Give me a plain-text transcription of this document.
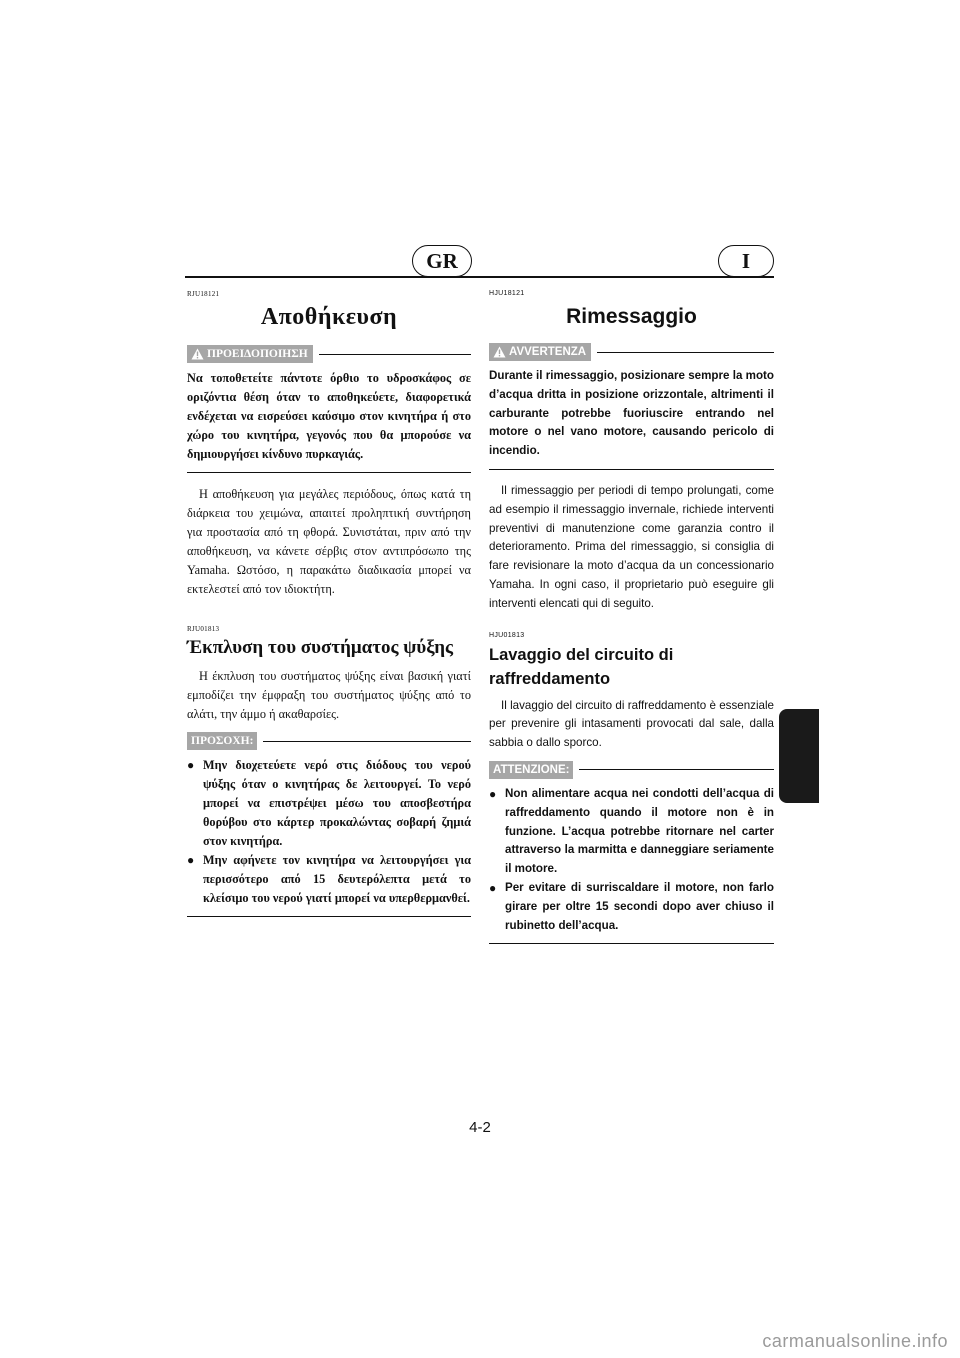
GR	I
RJU18121
Αποθήκευση
ΠΡΟΕΙΔΟΠΟΙΗΣΗ

Να τοποθετείτε πάντοτε όρθιο το υδροσκάφος σε οριζόντια θέση όταν το αποθηκεύετε, διαφορετικά ενδέχεται να εισρεύσει καύσιμο στον κινητήρα ή στο χώρο του κινητήρα, γεγονός που θα μπορούσε να δημιουργήσει κίνδυνο πυρκαγιάς.

Η αποθήκευση για μεγάλες περιόδους, όπως κατά τη διάρκεια του χειμώνα, απαιτεί προληπτική συντήρηση για προστασία από τη φθορά. Συνιστάται, πριν από την αποθήκευση, να κάνετε σέρβις στον αντιπρόσωπο της Yamaha. Ωστόσο, η παρακάτω διαδικασία μπορεί να εκτελεστεί από τον ιδιοκτήτη.

RJU01813
Έκπλυση του συστήματος ψύξης

Η έκπλυση του συστήματος ψύξης είναι βασική γιατί εμποδίζει την έμφραξη του συστήματος ψύξης από το αλάτι, την άμμο ή ακαθαρσίες.

ΠΡΟΣΟΧΗ:
● Μην διοχετεύετε νερό στις διόδους του νερού ψύξης όταν ο κινητήρας δε λειτουργεί. Το νερό μπορεί να επιστρέψει μέσω του αποσβεστήρα θορύβου στο κάρτερ προκαλώντας σοβαρή ζημιά στον κινητήρα.
● Μην αφήνετε τον κινητήρα να λειτουργήσει για περισσότερο από 15 δευτερόλεπτα μετά το κλείσιμο του νερού γιατί μπορεί να υπερθερμανθεί.
HJU18121
Rimessaggio
AVVERTENZA

Durante il rimessaggio, posizionare sempre la moto d’acqua dritta in posizione orizzontale, altrimenti il carburante potrebbe fuoriuscire entrando nel motore o nel vano motore, causando pericolo di incendio.

Il rimessaggio per periodi di tempo prolungati, come ad esempio il rimessaggio invernale, richiede interventi preventivi di manutenzione come garanzia contro il deterioramento. Prima del rimessaggio, si consiglia di fare revisionare la moto d’acqua da un concessionario Yamaha. In ogni caso, il proprietario può eseguire gli interventi elencati qui di seguito.

HJU01813
Lavaggio del circuito di raffreddamento

Il lavaggio del circuito di raffreddamento è essenziale per prevenire gli intasamenti provocati dal sale, dalla sabbia o dallo sporco.

ATTENZIONE:
● Non alimentare acqua nei condotti dell’acqua di raffreddamento quando il motore non è in funzione. L’acqua potrebbe ritornare nel carter attraverso la marmitta e danneggiare seriamente il motore.
● Per evitare di surriscaldare il motore, non farlo girare per oltre 15 secondi dopo aver chiuso il rubinetto dell’acqua.
4-2
carmanualsonline.info
